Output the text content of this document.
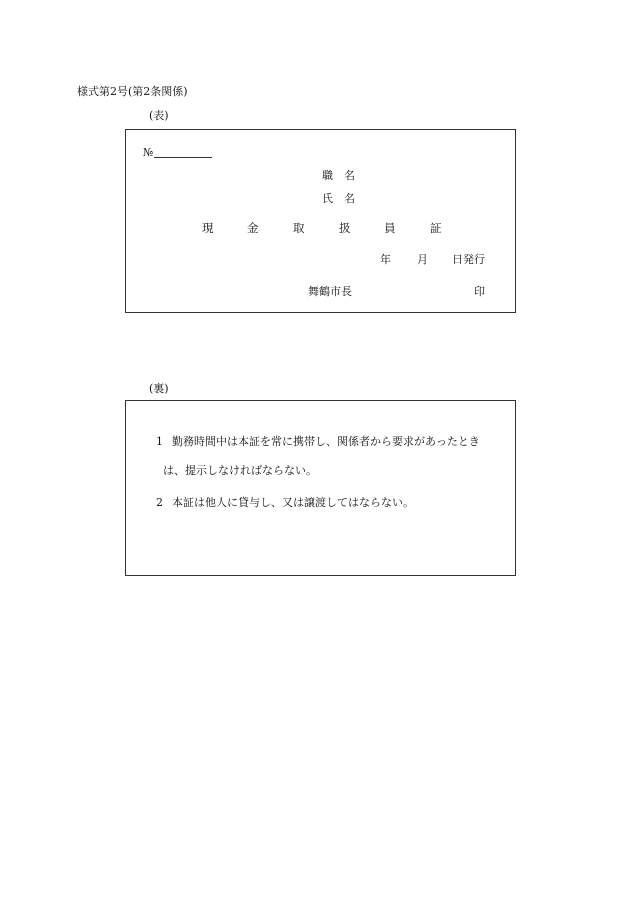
様式第2号(第2条関係)
(表)
№
職　名
氏　名
現	金	取	扱	員	証
年 月 日発行
舞鶴市長	印
(裏)
1 勤務時間中は本証を常に携帯し、関係者から要求があったとき
は、提示しなければならない。
2 本証は他人に貸与し、又は譲渡してはならない。
